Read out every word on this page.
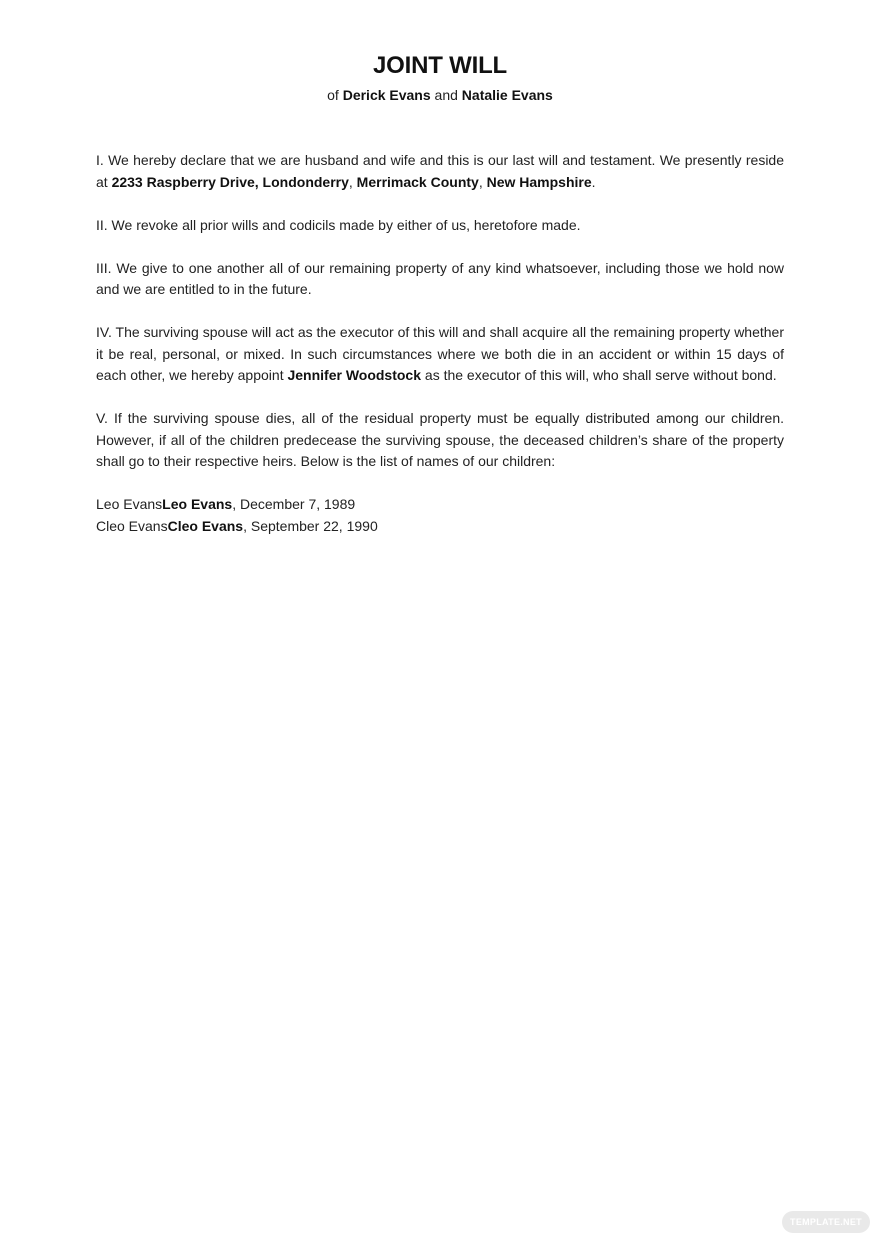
JOINT WILL

of Derick Evans and Natalie Evans

I. We hereby declare that we are husband and wife and this is our last will and testament. We presently reside at 2233 Raspberry Drive, Londonderry, Merrimack County, New Hampshire.

II. We revoke all prior wills and codicils made by either of us, heretofore made.

III. We give to one another all of our remaining property of any kind whatsoever, including those we hold now and we are entitled to in the future.

IV. The surviving spouse will act as the executor of this will and shall acquire all the remaining property whether it be real, personal, or mixed. In such circumstances where we both die in an accident or within 15 days of each other, we hereby appoint Jennifer Woodstock as the executor of this will, who shall serve without bond.

V. If the surviving spouse dies, all of the residual property must be equally distributed among our children. However, if all of the children predecease the surviving spouse, the deceased children’s share of the property shall go to their respective heirs. Below is the list of names of our children:

Leo EvansLeo Evans, December 7, 1989
Cleo EvansCleo Evans, September 22, 1990
TEMPLATE.NET
